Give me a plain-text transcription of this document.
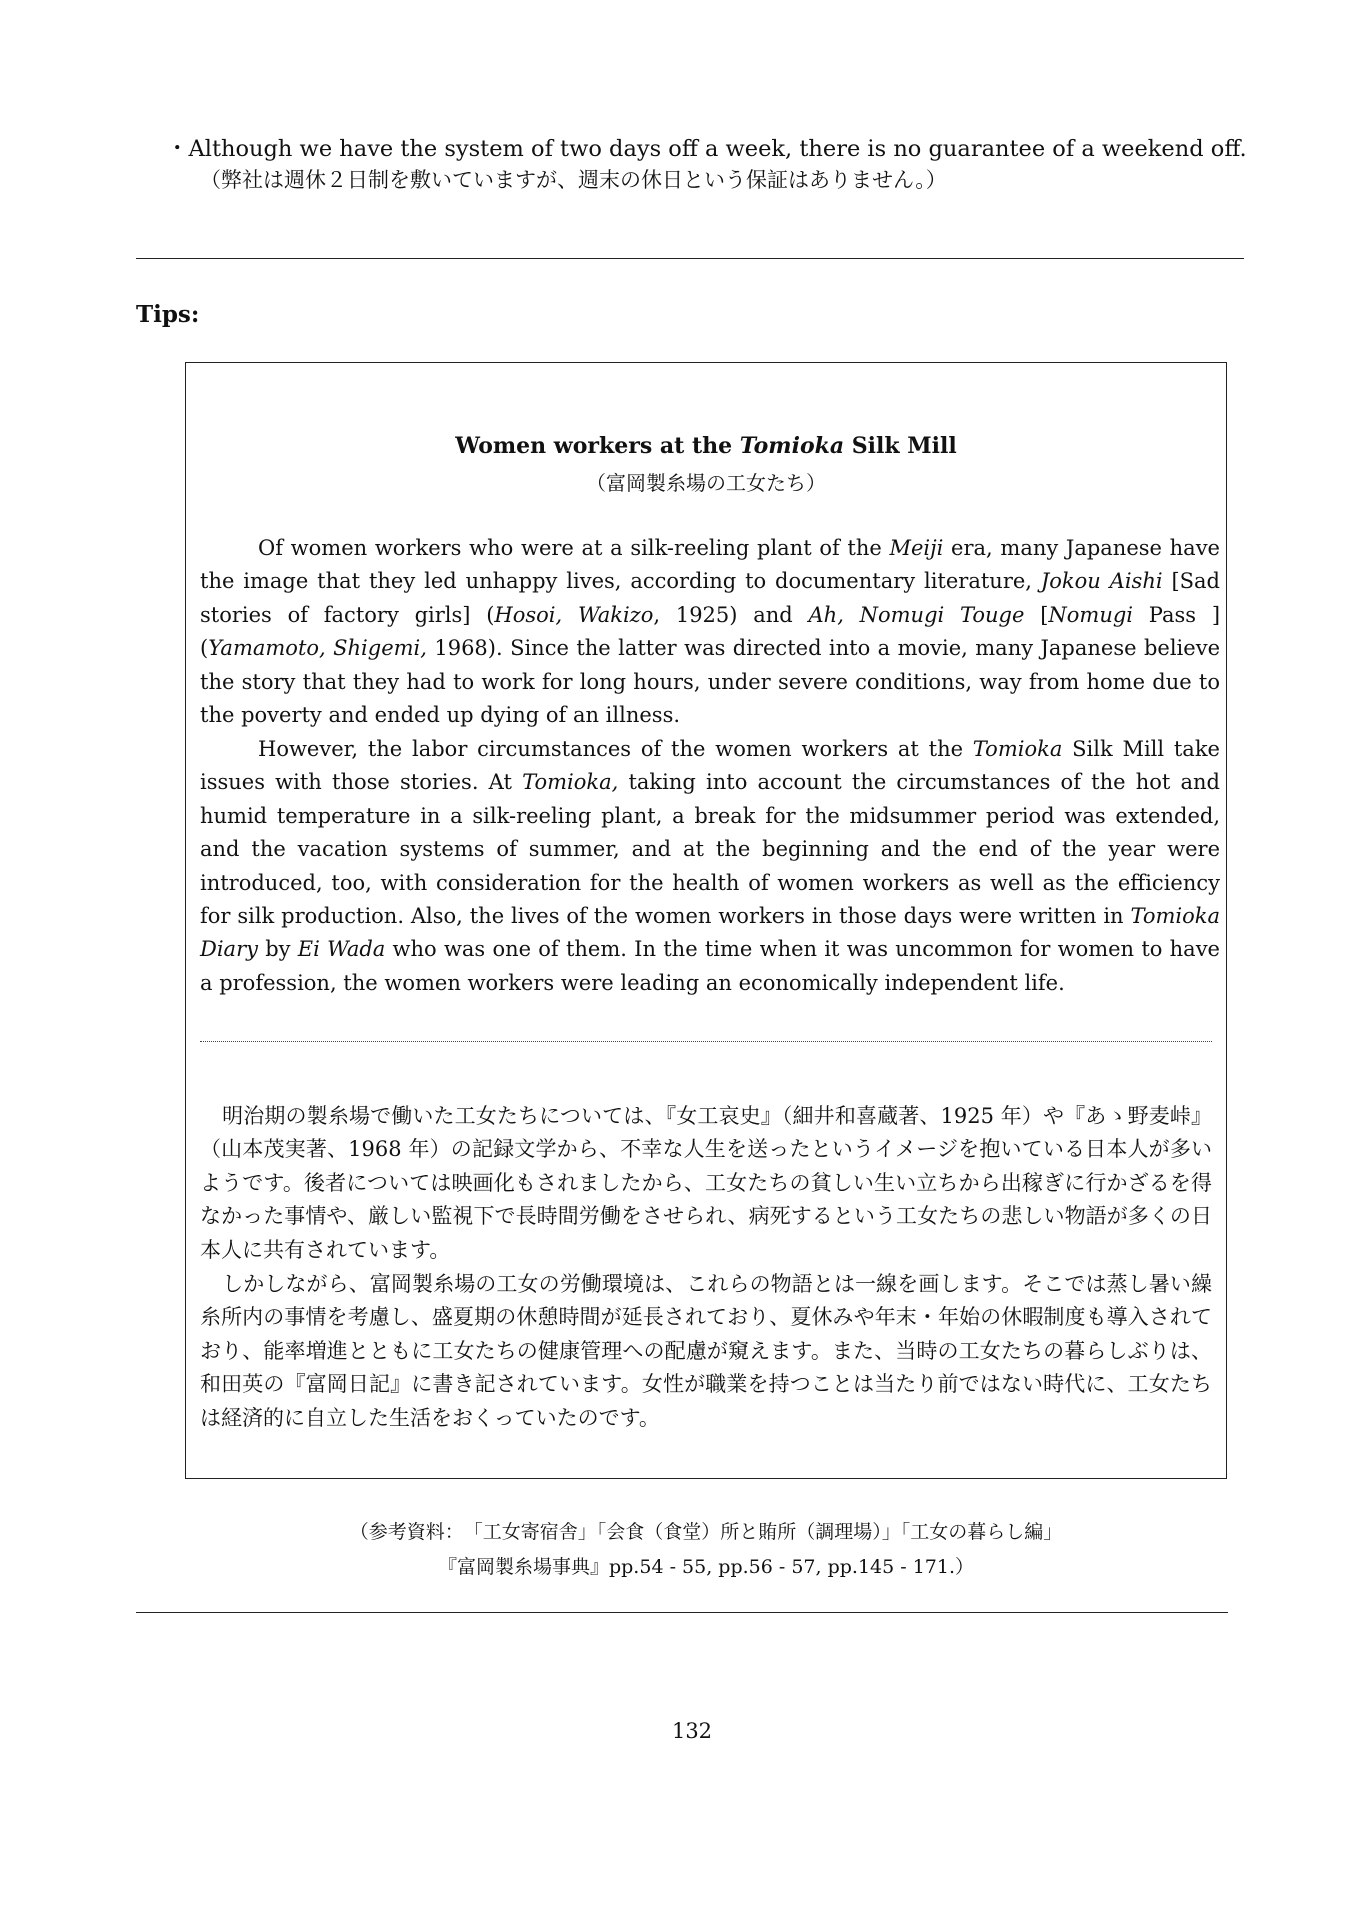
・Although we have the system of two days off a week, there is no guarantee of a weekend off.
（弊社は週休２日制を敷いていますが、週末の休日という保証はありません。）
Tips:
Women workers at the Tomioka Silk Mill
（富岡製糸場の工女たち）
Of women workers who were at a silk-reeling plant of the Meiji era, many Japanese have the image that they led unhappy lives, according to documentary literature, Jokou Aishi [Sad stories of factory girls] (Hosoi, Wakizo, 1925) and Ah, Nomugi Touge [Nomugi Pass ] (Yamamoto, Shigemi, 1968). Since the latter was directed into a movie, many Japanese believe the story that they had to work for long hours, under severe conditions, way from home due to the poverty and ended up dying of an illness.
However, the labor circumstances of the women workers at the Tomioka Silk Mill take issues with those stories. At Tomioka, taking into account the circumstances of the hot and humid temperature in a silk-reeling plant, a break for the midsummer period was extended, and the vacation systems of summer, and at the beginning and the end of the year were introduced, too, with consideration for the health of women workers as well as the efficiency for silk production. Also, the lives of the women workers in those days were written in Tomioka Diary by Ei Wada who was one of them. In the time when it was uncommon for women to have a profession, the women workers were leading an economically independent life.
明治期の製糸場で働いた工女たちについては、『女工哀史』（細井和喜蔵著、1925 年）や『あゝ野麦峠』（山本茂実著、1968 年）の記録文学から、不幸な人生を送ったというイメージを抱いている日本人が多いようです。後者については映画化もされましたから、工女たちの貧しい生い立ちから出稼ぎに行かざるを得なかった事情や、厳しい監視下で長時間労働をさせられ、病死するという工女たちの悲しい物語が多くの日本人に共有されています。
しかしながら、富岡製糸場の工女の労働環境は、これらの物語とは一線を画します。そこでは蒸し暑い繰糸所内の事情を考慮し、盛夏期の休憩時間が延長されており、夏休みや年末・年始の休暇制度も導入されており、能率増進とともに工女たちの健康管理への配慮が窺えます。また、当時の工女たちの暮らしぶりは、和田英の『富岡日記』に書き記されています。女性が職業を持つことは当たり前ではない時代に、工女たちは経済的に自立した生活をおくっていたのです。
（参考資料：　「工女寄宿舎」「会食（食堂）所と賄所（調理場）」「工女の暮らし編」
『富岡製糸場事典』pp.54 - 55, pp.56 - 57, pp.145 - 171.）
132
